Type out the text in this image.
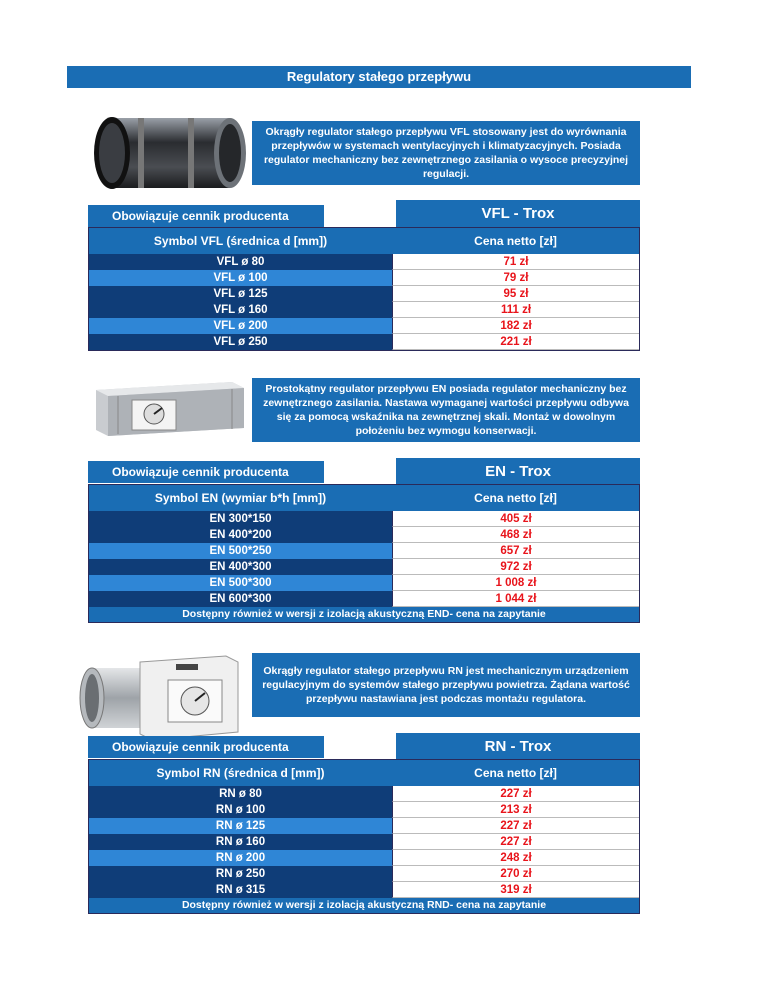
Regulatory stałego przepływu
Okrągły regulator stałego przepływu VFL stosowany jest do wyrównania przepływów w systemach wentylacyjnych i klimatyzacyjnych. Posiada regulator mechaniczny bez zewnętrznego zasilania o wysoce precyzyjnej regulacji.
Obowiązuje cennik producenta	VFL - Trox
Symbol VFL (średnica d [mm])	Cena netto [zł]
VFL ø 80	71 zł
VFL ø 100	79 zł
VFL ø 125	95 zł
VFL ø 160	111 zł
VFL ø 200	182 zł
VFL ø 250	221 zł
Prostokątny regulator przepływu EN posiada regulator mechaniczny bez zewnętrznego zasilania. Nastawa wymaganej wartości przepływu odbywa się za pomocą wskaźnika na zewnętrznej skali. Montaż w dowolnym położeniu bez wymogu konserwacji.
Obowiązuje cennik producenta	EN - Trox
Symbol EN (wymiar b*h [mm])	Cena netto [zł]
EN 300*150	405 zł
EN 400*200	468 zł
EN 500*250	657 zł
EN 400*300	972 zł
EN 500*300	1 008 zł
EN 600*300	1 044 zł
Dostępny również w wersji z izolacją akustyczną END- cena na zapytanie
Okrągły regulator stałego przepływu RN jest mechanicznym urządzeniem regulacyjnym do systemów stałego przepływu powietrza. Żądana wartość przepływu nastawiana jest podczas montażu regulatora.
Obowiązuje cennik producenta	RN - Trox
Symbol RN (średnica d [mm])	Cena netto [zł]
RN ø 80	227 zł
RN ø 100	213 zł
RN ø 125	227 zł
RN ø 160	227 zł
RN ø 200	248 zł
RN ø 250	270 zł
RN ø 315	319 zł
Dostępny również w wersji z izolacją akustyczną RND- cena na zapytanie
